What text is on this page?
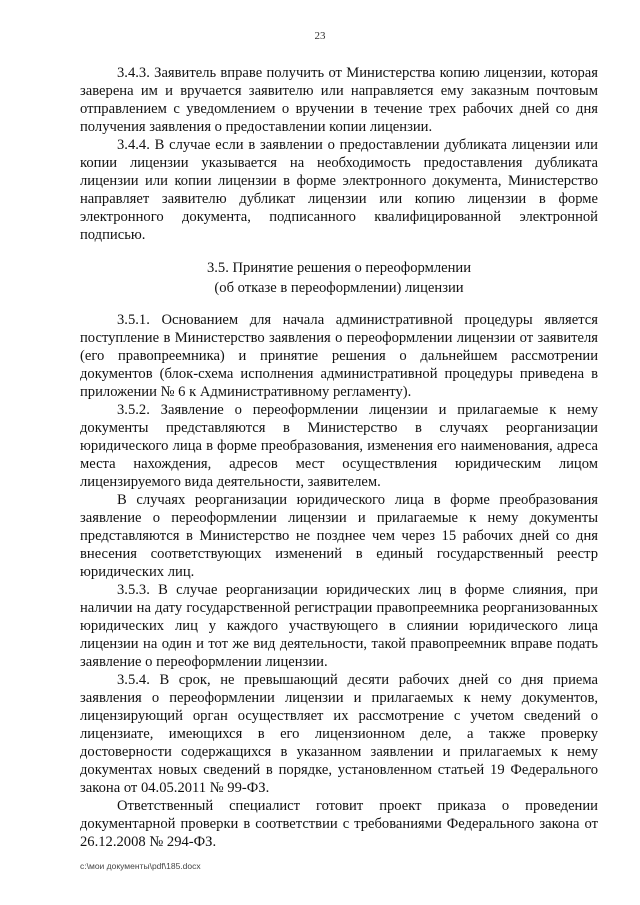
23

3.4.3. Заявитель вправе получить от Министерства копию лицензии, которая заверена им и вручается заявителю или направляется ему заказным почтовым отправлением с уведомлением о вручении в течение трех рабочих дней со дня получения заявления о предоставлении копии лицензии.

3.4.4. В случае если в заявлении о предоставлении дубликата лицензии или копии лицензии указывается на необходимость предоставления дубликата лицензии или копии лицензии в форме электронного документа, Министерство направляет заявителю дубликат лицензии или копию лицензии в форме электронного документа, подписанного квалифицированной электронной подписью.

3.5. Принятие решения о переоформлении
(об отказе в переоформлении) лицензии

3.5.1. Основанием для начала административной процедуры является поступление в Министерство заявления о переоформлении лицензии от заявителя (его правопреемника) и принятие решения о дальнейшем рассмотрении документов (блок-схема исполнения административной процедуры приведена в приложении № 6 к Административному регламенту).

3.5.2. Заявление о переоформлении лицензии и прилагаемые к нему документы представляются в Министерство в случаях реорганизации юридического лица в форме преобразования, изменения его наименования, адреса места нахождения, адресов мест осуществления юридическим лицом лицензируемого вида деятельности, заявителем.

В случаях реорганизации юридического лица в форме преобразования заявление о переоформлении лицензии и прилагаемые к нему документы представляются в Министерство не позднее чем через 15 рабочих дней со дня внесения соответствующих изменений в единый государственный реестр юридических лиц.

3.5.3. В случае реорганизации юридических лиц в форме слияния, при наличии на дату государственной регистрации правопреемника реорганизованных юридических лиц у каждого участвующего в слиянии юридического лица лицензии на один и тот же вид деятельности, такой правопреемник вправе подать заявление о переоформлении лицензии.

3.5.4. В срок, не превышающий десяти рабочих дней со дня приема заявления о переоформлении лицензии и прилагаемых к нему документов, лицензирующий орган осуществляет их рассмотрение с учетом сведений о лицензиате, имеющихся в его лицензионном деле, а также проверку достоверности содержащихся в указанном заявлении и прилагаемых к нему документах новых сведений в порядке, установленном статьей 19 Федерального закона от 04.05.2011 № 99-ФЗ.

Ответственный специалист готовит проект приказа о проведении документарной проверки в соответствии с требованиями Федерального закона от 26.12.2008 № 294-ФЗ.

c:\мои документы\pdf\185.docx
